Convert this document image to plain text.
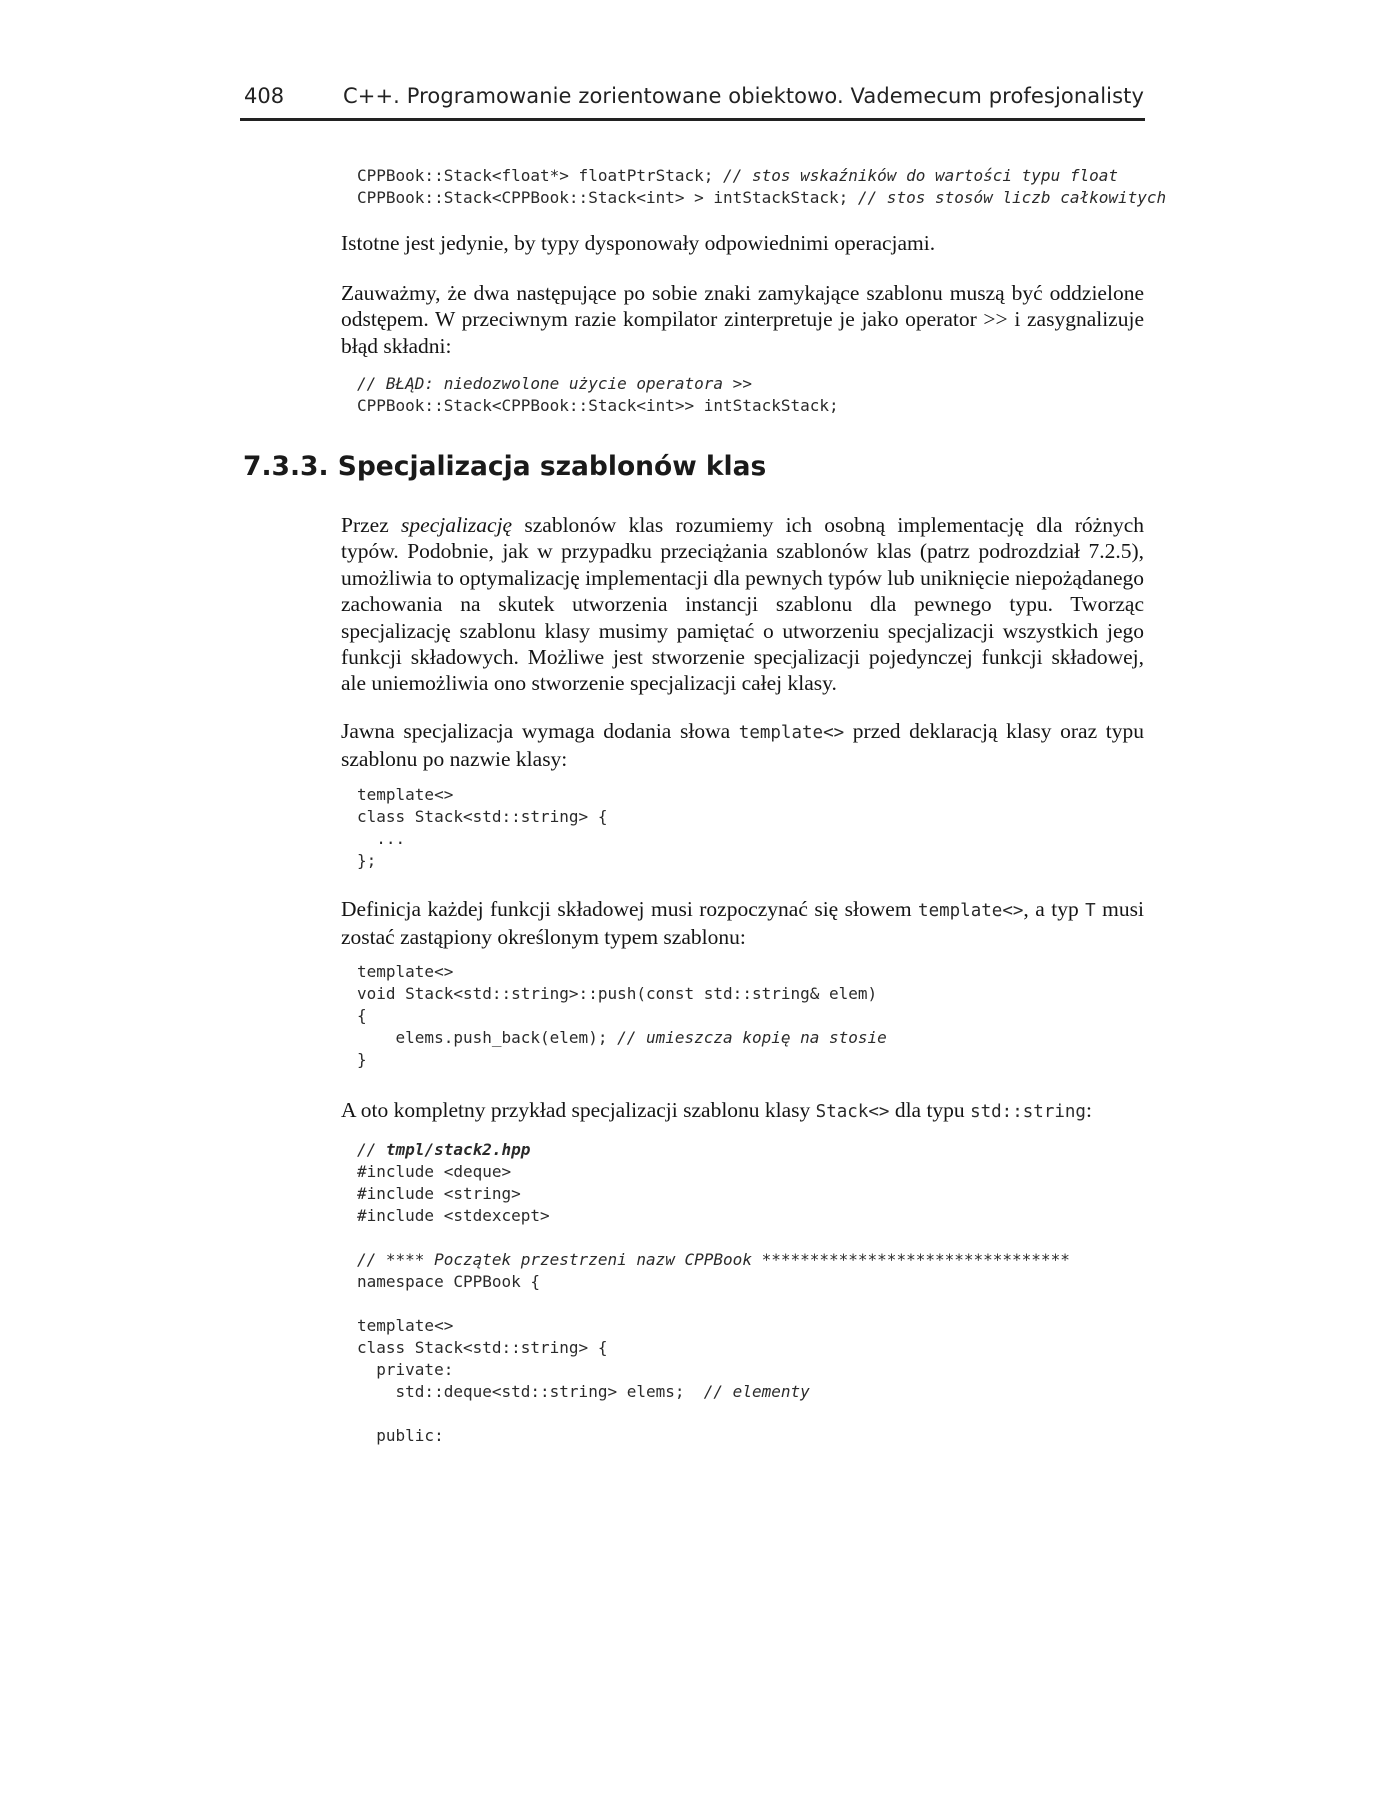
408	C++. Programowanie zorientowane obiektowo. Vademecum profesjonalisty
CPPBook::Stack<float*> floatPtrStack; // stos wskaźników do wartości typu float
CPPBook::Stack<CPPBook::Stack<int> > intStackStack; // stos stosów liczb całkowitych

Istotne jest jedynie, by typy dysponowały odpowiednimi operacjami.

Zauważmy, że dwa następujące po sobie znaki zamykające szablonu muszą być oddzielone odstępem. W przeciwnym razie kompilator zinterpretuje je jako operator >> i zasygnalizuje błąd składni:

// BŁĄD: niedozwolone użycie operatora >>
CPPBook::Stack<CPPBook::Stack<int>> intStackStack;
7.3.3. Specjalizacja szablonów klas

Przez specjalizację szablonów klas rozumiemy ich osobną implementację dla różnych typów. Podobnie, jak w przypadku przeciążania szablonów klas (patrz podrozdział 7.2.5), umożliwia to optymalizację implementacji dla pewnych typów lub uniknięcie niepożądanego zachowania na skutek utworzenia instancji szablonu dla pewnego typu. Tworząc specjalizację szablonu klasy musimy pamiętać o utworzeniu specjalizacji wszystkich jego funkcji składowych. Możliwe jest stworzenie specjalizacji pojedynczej funkcji składowej, ale uniemożliwia ono stworzenie specjalizacji całej klasy.

Jawna specjalizacja wymaga dodania słowa template<> przed deklaracją klasy oraz typu szablonu po nazwie klasy:

template<>
class Stack<std::string> {
...
};

Definicja każdej funkcji składowej musi rozpoczynać się słowem template<>, a typ T musi zostać zastąpiony określonym typem szablonu:

template<>
void Stack<std::string>::push(const std::string& elem)
{
elems.push_back(elem); // umieszcza kopię na stosie
}

A oto kompletny przykład specjalizacji szablonu klasy Stack<> dla typu std::string:

// tmpl/stack2.hpp
#include <deque>
#include <string>
#include <stdexcept>

// **** Początek przestrzeni nazw CPPBook ********************************
namespace CPPBook {

template<>
class Stack<std::string> {
private:
std::deque<std::string> elems;  // elementy

public:
